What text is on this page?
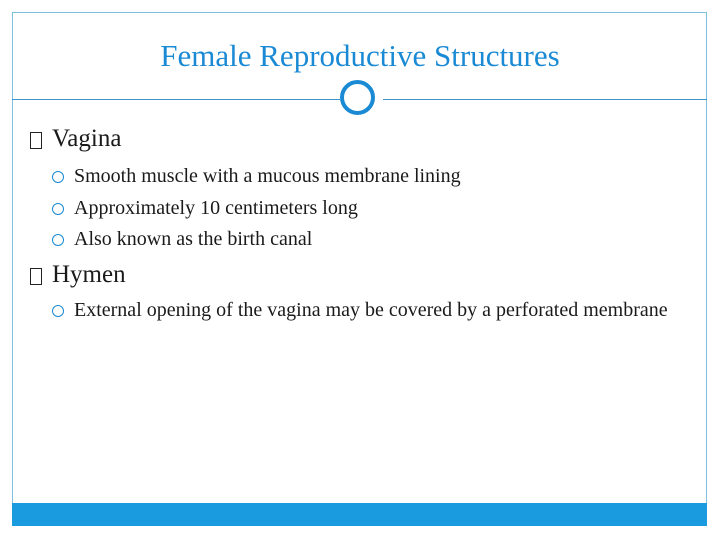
Female Reproductive Structures
Vagina
Smooth muscle with a mucous membrane lining
Approximately 10 centimeters long
Also known as the birth canal
Hymen
External opening of the vagina may be covered by a perforated membrane
